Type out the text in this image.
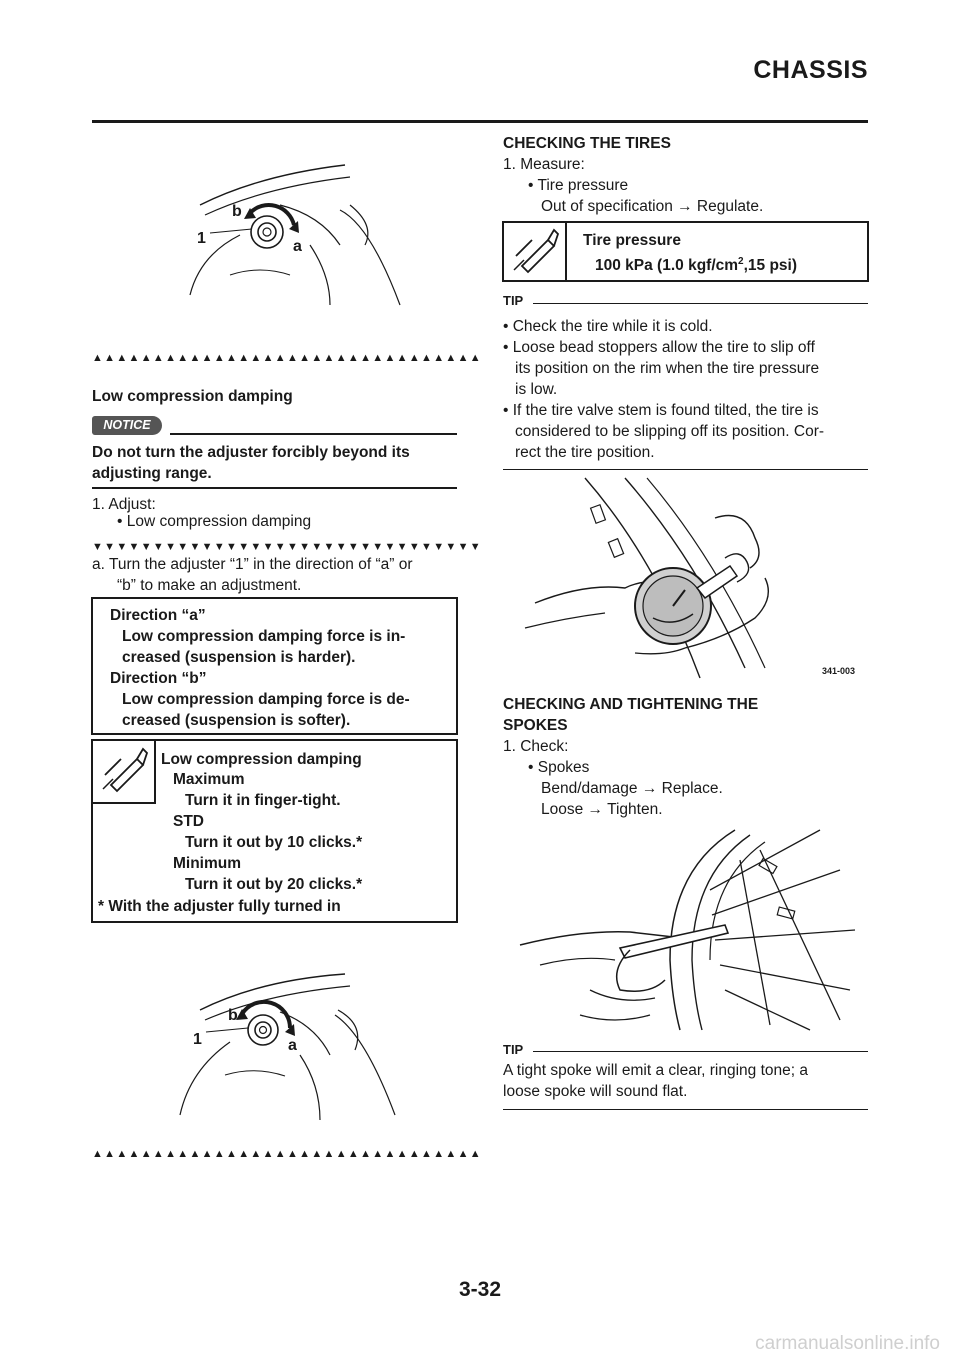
CHASSIS
b
1	a
▲▲▲▲▲▲▲▲▲▲▲▲▲▲▲▲▲▲▲▲▲▲▲▲▲▲▲▲▲▲▲▲
Low compression damping
NOTICE
Do not turn the adjuster forcibly beyond its
adjusting range.
1. Adjust:
• Low compression damping
▼▼▼▼▼▼▼▼▼▼▼▼▼▼▼▼▼▼▼▼▼▼▼▼▼▼▼▼▼▼▼▼
a. Turn the adjuster “1” in the direction of “a” or
“b” to make an adjustment.
Direction “a”
Low compression damping force is in-
creased (suspension is harder).
Direction “b”
Low compression damping force is de-
creased (suspension is softer).
Low compression damping
Maximum
Turn it in finger-tight.
STD
Turn it out by 10 clicks.*
Minimum
Turn it out by 20 clicks.*
* With the adjuster fully turned in
b
1	a
▲▲▲▲▲▲▲▲▲▲▲▲▲▲▲▲▲▲▲▲▲▲▲▲▲▲▲▲▲▲▲▲
CHECKING THE TIRES
1. Measure:
• Tire pressure
Out of specification → Regulate.
Tire pressure
100 kPa (1.0 kgf/$cm^2,15$ psi)
TIP
• Check the tire while it is cold.
• Loose bead stoppers allow the tire to slip off
its position on the rim when the tire pressure
is low.
• If the tire valve stem is found tilted, the tire is
considered to be slipping off its position. Cor-
rect the tire position.
341-003
CHECKING AND TIGHTENING THE
SPOKES
1. Check:
• Spokes
Bend/damage → Replace.
Loose → Tighten.
TIP
A tight spoke will emit a clear, ringing tone; a
loose spoke will sound flat.
3-32
carmanualsonline.info
